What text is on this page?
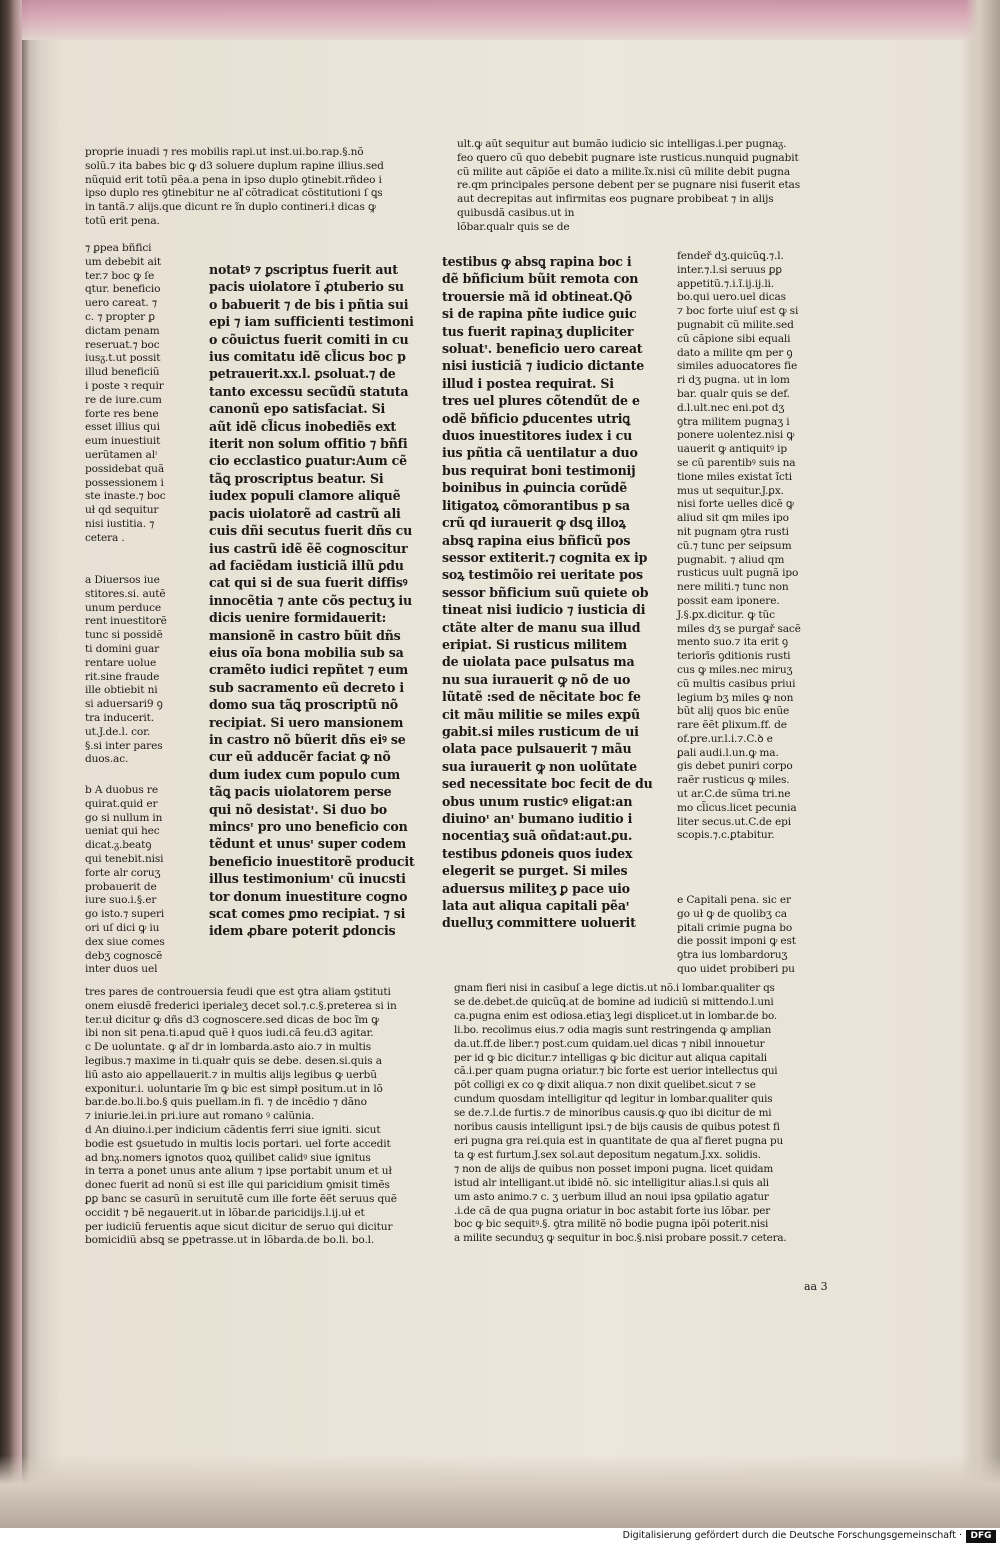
proprie inuadi ⁊ res mobilis rapi.ut inst.ui.bo.rap.§.nõ
solũ.⁊ ita babes bic ꝙ d3 soluere duplum rapine illius.sed
nũquid erit totũ pẽa.a pena in ipso duplo ꝯtinebit.rñdeo i
ipso duplo res ꝯtinebitur ne aľ cõtradicat cõstitutioni ſ ꝗs
in tantã.⁊ alijs.que dicunt re ĩn duplo contineri.ł dicas ꝙ
totũ erit pena.
⁊ ꝑpea bñfici
um debebit ait
ter.⁊ boc ꝙ ſe
qtur. beneficio
uero careat. ⁊
c. ⁊ propter ꝑ
dictam penam
reseruat.⁊ boc
iusᵹ.t.ut possit
illud beneficiũ
i poste ꝛ requir
re de iure.cum
forte res bene
esset illius qui
eum inuestiuit
uerũtamen alᶦ
possidebat quã
possessionem i
ste inaste.⁊ boc
uł qd sequitur
nisi iustitia. ⁊
cetera .
a Diuersos iue
stitores.si. autẽ
unum perduce
rent inuestitorẽ
tunc si possidẽ
ti domini guar
rentare uolue
rit.sine fraude
ille obtiebit ni
si aduersari9 ꝯ
tra inducerit.
ut.J.de.l. cor.
§.si inter pares
duos.ac.
b A duobus re
quirat.quid er
go si nullum in
ueniat qui hec
dicat.ᵹ.beatꝯ
qui tenebit.nisi
forte alr coruʒ
probauerit de
iure suo.i.§.er
go isto.⁊ superi
ori uſ dici ꝙ iu
dex siue comes
debʒ cognoscẽ
inter duos uel
notatꝰ ⁊ ꝑscriptus fuerit aut
pacis uiolatore ĩ ꝓtuberio su
o babuerit ⁊ de bis i pñtia sui
epi ⁊ iam sufficienti testimoni
o cõuictus fuerit comiti in cu
ius comitatu idẽ cl̃icus boc p
petrauerit.xx.l. ꝑsoluat.⁊ de
tanto excessu secũdũ statuta
canonũ epo satisfaciat. Si
aũt idẽ cl̃icus inobediẽs ext
iterit non solum offitio ⁊ bñfi
cio ecclastico ꝑuatur:Aum cẽ
tãꝗ proscriptus beatur. Si
iudex populi clamore aliquẽ
pacis uiolatorẽ ad castrũ ali
cuis dñi secutus fuerit dñs cu
ius castrũ idẽ ẽẽ cognoscitur
ad faciẽdam iusticiã illũ ꝑdu
cat qui si de sua fuerit diffisꝰ
innocẽtia ⁊ ante cõs pectuʒ iu
dicis uenire formidauerit:
mansionẽ in castro bũit dñs
eius oĩa bona mobilia sub sa
cramẽto iudici repñtet ⁊ eum
sub sacramento eũ decreto i
domo sua tãꝗ proscriptũ nõ
recipiat. Si uero mansionem
in castro nõ bũerit dñs eiꝰ se
cur eũ adducẽr faciat ꝙ nõ
dum iudex cum populo cum
tãꝗ pacis uiolatorem perse
qui nõ desistatᶦ. Si duo bo
mincsᶦ pro uno beneficio con
tẽdunt et unusᶦ super codem
beneficio inuestitorẽ producit
illus testimoniumᶦ cũ inucsti
tor donum inuestiture cogno
scat comes ꝑmo recipiat. ⁊ si
idem ꝓbare poterit ꝑdoncis
tres pares de controuersia feudi que est ꝯtra aliam ꝯstituti
onem eiusdẽ frederici iperialeʒ decet sol.⁊.c.§.preterea si in
ter.uł dicitur ꝙ dñs d3 cognoscere.sed dicas de boc ĩm ꝙ
ibi non sit pena.ti.apud quẽ ł quos iudi.cã feu.d3 agitar.
c De uoluntate. ꝙ aľ dr in lombarda.asto aio.⁊ in multis
legibus.⁊ maxime in ti.quałr quis se debe. desen.si.quis a
liũ asto aio appellauerit.⁊ in multis alijs legibus ꝙ uerbũ
exponitur.i. uoluntarie ĩm ꝙ bic est simpł positum.ut in lõ
bar.de.bo.li.bo.§ quis puellam.in fi. ⁊ de incẽdio ⁊ dãno
⁊ iniurie.lei.in pri.iure aut romano ꝰ calũnia.
d An diuino.i.per indicium cãdentis ferri siue igniti. sicut
bodie est ꝯsuetudo in multis locis portari. uel forte accedit
ad bnᵹ.nomers ignotos quoꝝ quilibet calidꝰ siue ignitus
in terra a ponet unus ante alium ⁊ ipse portabit unum et uł
donec fuerit ad nonũ si est ille qui paricidium ꝯmisit timẽs
ꝑꝑ banc se casurũ in seruitutẽ cum ille forte ẽẽt seruus quẽ
occidit ⁊ bẽ negauerit.ut in lõbar.de paricidijs.l.ij.uł et
per iudiciũ feruentis aque sicut dicitur de seruo qui dicitur
bomicidiũ absꝗ se ꝑpetrasse.ut in lõbarda.de bo.li. bo.l.
ult.ꝙ aũt sequitur aut bumão iudicio sic intelligas.i.per pugnaᵹ.
feo quero cũ quo debebit pugnare iste rusticus.nunquid pugnabit
cũ milite aut cãpiõe ei dato a milite.ĩx.nisi cũ milite debit pugna
re.qm principales persone debent per se pugnare nisi fuserit etas
aut decrepitas aut infirmitas eos pugnare probibeat ⁊ in alijs
quibusdã casibus.ut in
lõbar.qualr quis se de
testibus ꝙ absꝗ rapina boc i
dẽ bñficium bũit remota con
trouersie mã id obtineat.Qõ
si de rapina pñte iudice ꝯuic
tus fuerit rapinaʒ dupliciter
soluatᶦ. beneficio uero careat
nisi iusticiã ⁊ iudicio dictante
illud i postea requirat. Si
tres uel plures cõtendũt de e
odẽ bñficio ꝑducentes utriꝗ
duos inuestitores iudex i cu
ius pñtia cã uentilatur a duo
bus requirat boni testimonij
boinibus in ꝓuincia corũdẽ
litigatoꝝ cõmorantibus p sa
crũ qd iurauerit ꝙ dsꝗ illoꝝ
absꝗ rapina eius bñficũ pos
sessor extiterit.⁊ cognita ex ip
soꝝ testimõio rei ueritate pos
sessor bñficium suũ quiete ob
tineat nisi iudicio ⁊ iusticia di
ctãte alter de manu sua illud
eripiat. Si rusticus militem
de uiolata pace pulsatus ma
nu sua iurauerit ꝙ nõ de uo
lũtatẽ :sed de nẽcitate boc fe
cit mãu militie se miles expũ
gabit.si miles rusticum de ui
olata pace pulsauerit ⁊ mãu
sua iurauerit ꝙ non uolũtate
sed necessitate boc fecit de du
obus unum rusticꝰ eligat:an
diuinoᶦ anᶦ bumano iuditio i
nocentiaʒ suã oñdat:aut.ꝑu.
testibus ꝑdoneis quos iudex
elegerit se purget. Si miles
aduersus militeʒ ꝑ pace uio
lata aut aliqua capitali pẽaᶦ
duelluʒ committere uoluerit
fendeř dʒ.quicũꝗ.⁊.l.
inter.⁊.l.si seruus ꝑꝑ
appetitũ.⁊.i.ĩ.ij.ij.li.
bo.qui uero.uel dicas
⁊ boc forte uiuſ est ꝙ si
pugnabit cũ milite.sed
cũ cãpione sibi equali
dato a milite qm per ꝯ
similes aduocatores fie
ri dʒ pugna. ut in lom
bar. qualr quis se def.
d.l.ult.nec eni.pot dʒ
ꝯtra militem pugnaʒ i
ponere uolentez.nisi ꝙ
uauerit ꝙ antiquitꝰ ip
se cũ parentibꝰ suis na
tione miles existat ĩcti
mus ut sequitur.J.ꝑx.
nisi forte uelles dicẽ ꝙ
aliud sit qm miles ipo
nit pugnam ꝯtra rusti
cũ.⁊ tunc per seipsum
pugnabit. ⁊ aliud qm
rusticus uult pugnã ipo
nere militi.⁊ tunc non
possit eam iponere.
J.§.ꝑx.dicitur. ꝙ tũc
miles dʒ se purgař sacẽ
mento suo.⁊ ita erit ꝯ
teriorīs ꝯditionis rusti
cus ꝙ miles.nec miruʒ
cũ multis casibus priui
legium bʒ miles ꝙ non
bũt alij quos bic enũe
rare ẽẽt ꝑlixum.ff. de
of.pre.ur.l.i.⁊.C.ꝺ e
ꝑali audi.l.un.ꝙ ma.
gis debet puniri corpo
raẽr rusticus ꝙ miles.
ut ar.C.de sũma tri.ne
mo cl̃icus.licet pecunia
liter secus.ut.C.de epi
scopis.⁊.c.ꝑtabitur.
e Capitali pena. sic er
go uł ꝙ de quolibʒ ca
pitali crimie pugna bo
die possit imponi ꝙ est
ꝯtra ius lombardoruʒ
quo uidet probiberi pu
gnam fieri nisi in casibuſ a lege dictis.ut nõ.i lombar.qualiter qs
se de.debet.de quicũꝗ.at de bomine ad iudiciũ si mittendo.l.uni
ca.pugna enim est odiosa.etiaʒ legi displicet.ut in lombar.de bo.
li.bo. recolimus eius.⁊ odia magis sunt restringenda ꝙ amplian
da.ut.ff.de liber.⁊ post.cum quidam.uel dicas ⁊ nibil innouetur
per id ꝙ bic dicitur.⁊ intelligas ꝙ bic dicitur aut aliqua capitali
cã.i.per quam pugna oriatur.⁊ bic forte est uerior intellectus qui
põt colligi ex co ꝙ dixit aliqua.⁊ non dixit quelibet.sicut ⁊ se
cundum quosdam intelligitur qd legitur in lombar.qualiter quis
se de.⁊.l.de furtis.⁊ de minoribus causis.ꝙ quo ibi dicitur de mi
noribus causis intelligunt ipsi.⁊ de bijs causis de quibus potest fi
eri pugna gra rei.quia est in quantitate de qua aľ fieret pugna pu
ta ꝙ est furtum.J.sex sol.aut depositum negatum.J.xx. solidis.
⁊ non de alijs de quibus non posset imponi pugna. licet quidam
istud alr intelligant.ut ibidẽ nõ. sic intelligitur alias.l.si quis ali
um asto animo.⁊ c. ʒ uerbum illud an noui ipsa ꝯpilatio agatur
.i.de cã de qua pugna oriatur in boc astabit forte ius lõbar. per
boc ꝙ bic sequitꝰ.§. ꝯtra militẽ nõ bodie pugna ipõi poterit.nisi
a milite secunduʒ ꝙ sequitur in boc.§.nisi probare possit.⁊ cetera.
aa 3
Digitalisierung gefördert durch die Deutsche Forschungsgemeinschaft · DFG
